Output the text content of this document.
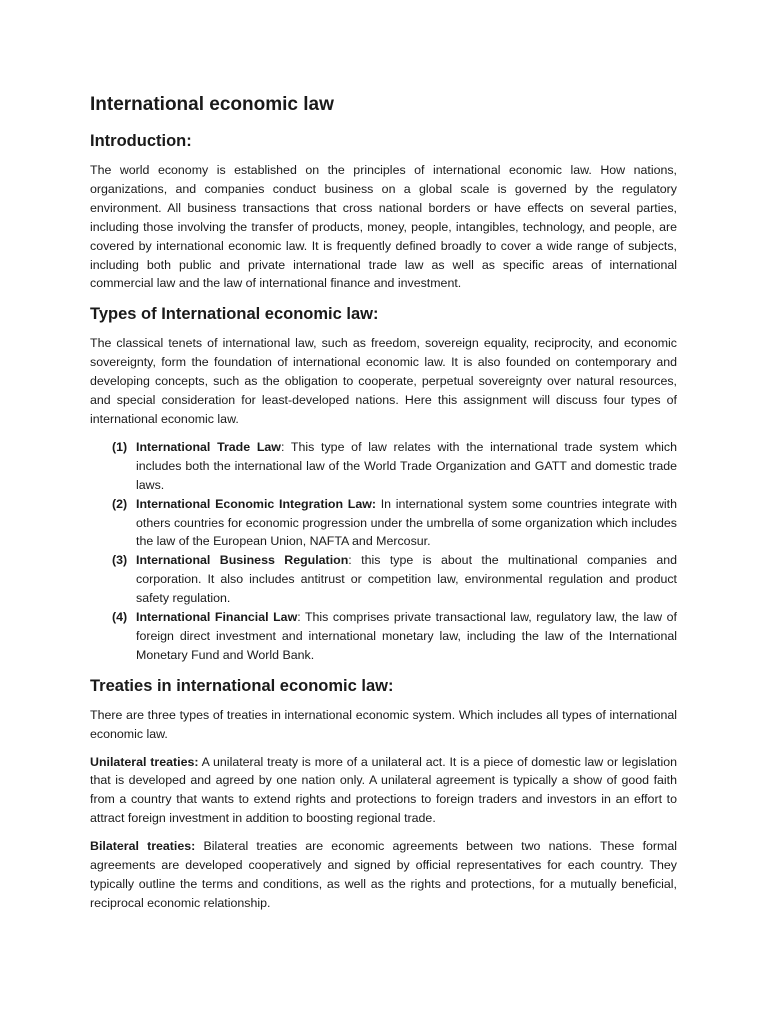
International economic law
Introduction:

The world economy is established on the principles of international economic law. How nations, organizations, and companies conduct business on a global scale is governed by the regulatory environment. All business transactions that cross national borders or have effects on several parties, including those involving the transfer of products, money, people, intangibles, technology, and people, are covered by international economic law. It is frequently defined broadly to cover a wide range of subjects, including both public and private international trade law as well as specific areas of international commercial law and the law of international finance and investment.

Types of International economic law:

The classical tenets of international law, such as freedom, sovereign equality, reciprocity, and economic sovereignty, form the foundation of international economic law. It is also founded on contemporary and developing concepts, such as the obligation to cooperate, perpetual sovereignty over natural resources, and special consideration for least-developed nations. Here this assignment will discuss four types of international economic law.

(1) International Trade Law: This type of law relates with the international trade system which includes both the international law of the World Trade Organization and GATT and domestic trade laws.
(2) International Economic Integration Law: In international system some countries integrate with others countries for economic progression under the umbrella of some organization which includes the law of the European Union, NAFTA and Mercosur.
(3) International Business Regulation: this type is about the multinational companies and corporation. It also includes antitrust or competition law, environmental regulation and product safety regulation.
(4) International Financial Law: This comprises private transactional law, regulatory law, the law of foreign direct investment and international monetary law, including the law of the International Monetary Fund and World Bank.
Treaties in international economic law:

There are three types of treaties in international economic system. Which includes all types of international economic law.

Unilateral treaties: A unilateral treaty is more of a unilateral act. It is a piece of domestic law or legislation that is developed and agreed by one nation only. A unilateral agreement is typically a show of good faith from a country that wants to extend rights and protections to foreign traders and investors in an effort to attract foreign investment in addition to boosting regional trade.

Bilateral treaties: Bilateral treaties are economic agreements between two nations. These formal agreements are developed cooperatively and signed by official representatives for each country. They typically outline the terms and conditions, as well as the rights and protections, for a mutually beneficial, reciprocal economic relationship.
